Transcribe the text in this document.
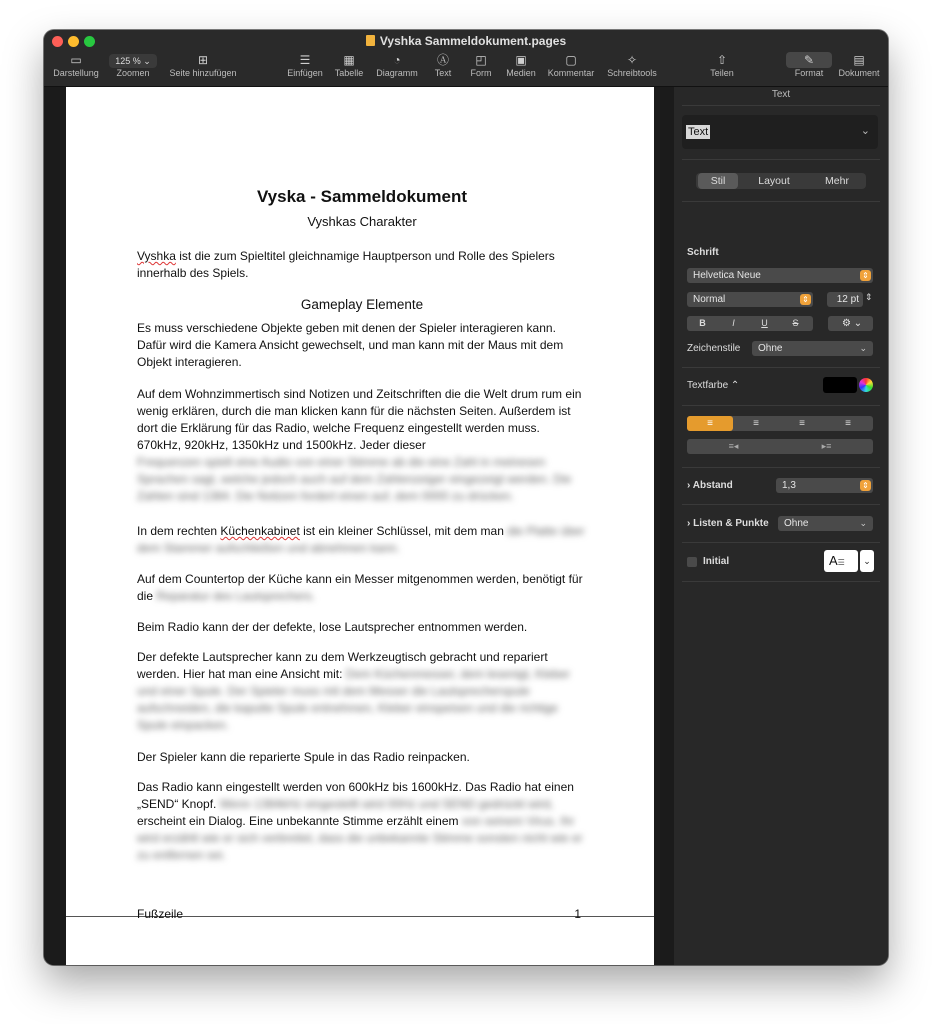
Vyshka Sammeldokument.pages
▭
Darstellung
125 % ⌄
Zoomen
⊞
Seite hinzufügen
☰
Einfügen
▦
Tabelle
◔
Diagramm
Ⓐ
Text
◰
Form
▣
Medien
▢
Kommentar
✧
Schreibtools
⇧
Teilen
✎
Format
▤
Dokument
Vyska - Sammeldokument
Vyshkas Charakter

Vyshka ist die zum Spieltitel gleichnamige Hauptperson und Rolle des Spielers innerhalb des Spiels.

Gameplay Elemente

Es muss verschiedene Objekte geben mit denen der Spieler interagieren kann. Dafür wird die Kamera Ansicht gewechselt, und man kann mit der Maus mit dem Objekt interagieren.

Auf dem Wohnzimmertisch sind Notizen und Zeitschriften die die Welt drum rum ein wenig erklären, durch die man klicken kann für die nächsten Seiten. Außerdem ist dort die Erklärung für das Radio, welche Frequenz eingestellt werden muss. 670kHz, 920kHz, 1350kHz und 1500kHz. Jeder dieser
Frequenzen spielt eine Audio von einer Stimme ab die eine Zahl in meinesen Sprachen sagt, welche jedoch auch auf dem Zahlenzeiger eingezeigt werden. Die Zahlen sind 1384. Die Notizen fordert einen auf, dem 0000 zu drücken.

In dem rechten Küchenkabinet ist ein kleiner Schlüssel, mit dem man die Platte über dem Stammer aufschließen und abnehmen kann.

Auf dem Countertop der Küche kann ein Messer mitgenommen werden, benötigt für die Reparatur des Lautsprechers.

Beim Radio kann der der defekte, lose Lautsprecher entnommen werden.

Der defekte Lautsprecher kann zu dem Werkzeugtisch gebracht und repariert werden. Hier hat man eine Ansicht mit: Dem Küchenmesser, dem lesenigt, Kleber und einer Spule. Der Spieler muss mit dem Messer die Lautsprecherspule aufschneiden, die kaputte Spule entnehmen, Kleber einspeisen und die richtige Spule einpacken.

Der Spieler kann die reparierte Spule in das Radio reinpacken.

Das Radio kann eingestellt werden von 600kHz bis 1600kHz. Das Radio hat einen „SEND“ Knopf. Wenn 1384kHz eingestellt wird 00Hz und SEND gedrückt wird, erscheint ein Dialog. Eine unbekannte Stimme erzählt einem von seinem Virus. Ihr wird erzählt wie er sich verbreitet, dass die unbekannte Stimme sonsten nicht wie er zu entfernen sei.

Fußzeile	1
Text
Text	⌄
Stil	Layout	Mehr
Schrift
Helvetica Neue	⇕
Normal	⇕	12 pt ⇕
B	I	U	S	⚙ ⌄
Zeichenstile	Ohne	⌄
Textfarbe ⌃
≡	≡	≡	≡
≡◂	▸≡
› Abstand	1,3	⇕
› Listen & Punkte	Ohne	⌄
Initial	A☰	⌄
